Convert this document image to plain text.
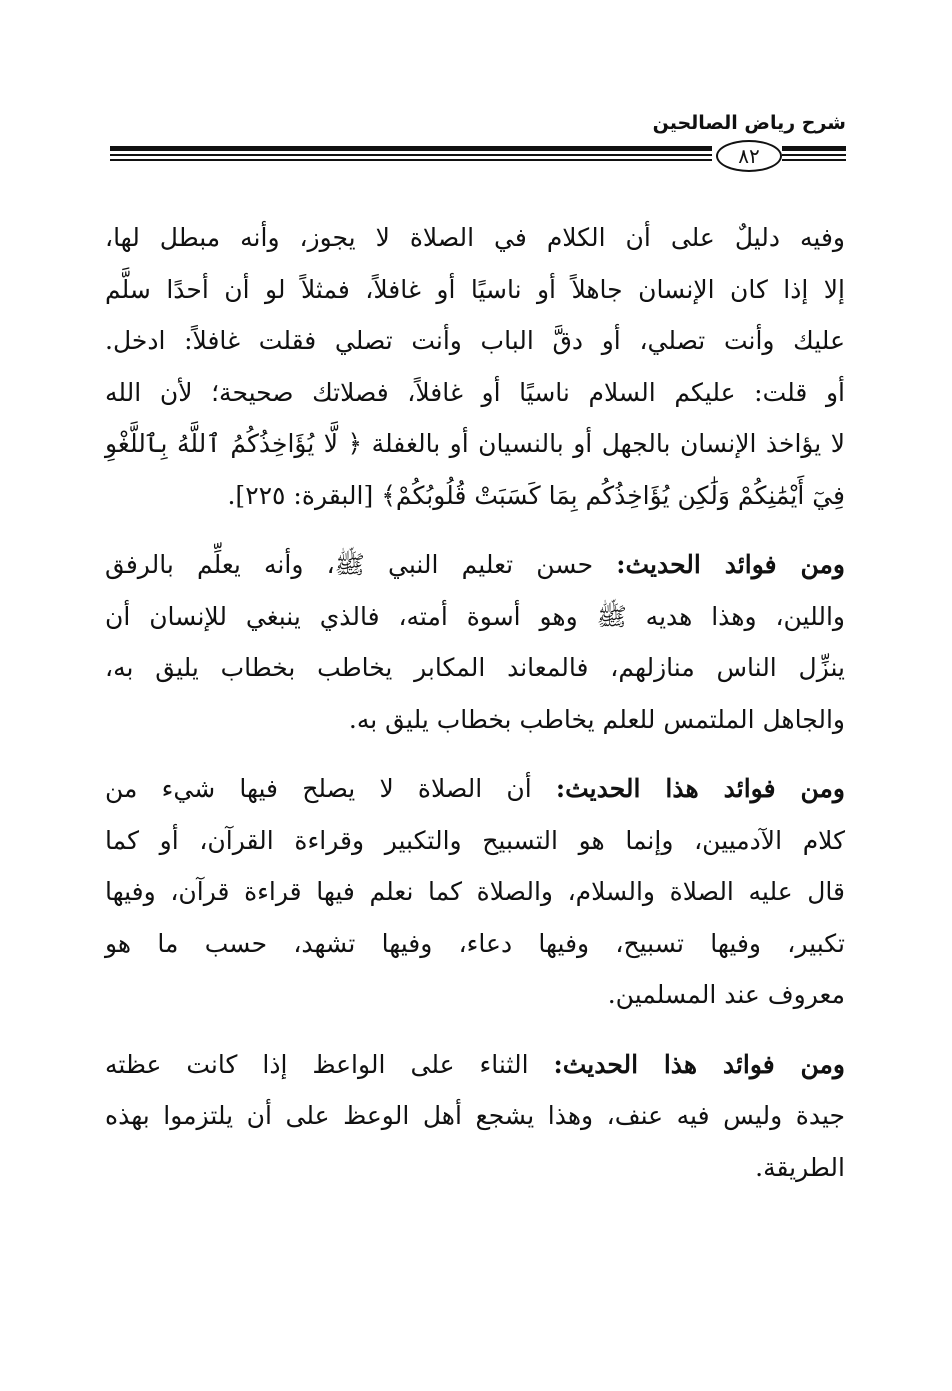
شرح رياض الصالحين
٨٢
وفيه دليلٌ على أن الكلام في الصلاة لا يجوز، وأنه مبطل لها،
إلا إذا كان الإنسان جاهلاً أو ناسيًا أو غافلاً، فمثلاً لو أن أحدًا سلَّم
عليك وأنت تصلي، أو دقَّ الباب وأنت تصلي فقلت غافلاً: ادخل.
أو قلت: عليكم السلام ناسيًا أو غافلاً، فصلاتك صحيحة؛ لأن الله
لا يؤاخذ الإنسان بالجهل أو بالنسيان أو بالغفلة ﴿ لَّا يُؤَاخِذُكُمُ ٱللَّهُ بِٱللَّغْوِ
فِيٓ أَيْمَٰنِكُمْ وَلَٰكِن يُؤَاخِذُكُم بِمَا كَسَبَتْ قُلُوبُكُمْ﴾ [البقرة: ٢٢٥].
ومن فوائد الحديث: حسن تعليم النبي ﷺ، وأنه يعلِّم بالرفق
واللين، وهذا هديه ﷺ وهو أسوة أمته، فالذي ينبغي للإنسان أن
ينزِّل الناس منازلهم، فالمعاند المكابر يخاطب بخطاب يليق به،
والجاهل الملتمس للعلم يخاطب بخطاب يليق به.
ومن فوائد هذا الحديث: أن الصلاة لا يصلح فيها شيء من
كلام الآدميين، وإنما هو التسبيح والتكبير وقراءة القرآن، أو كما
قال عليه الصلاة والسلام، والصلاة كما نعلم فيها قراءة قرآن، وفيها
تكبير، وفيها تسبيح، وفيها دعاء، وفيها تشهد، حسب ما هو
معروف عند المسلمين.
ومن فوائد هذا الحديث: الثناء على الواعظ إذا كانت عظته
جيدة وليس فيه عنف، وهذا يشجع أهل الوعظ على أن يلتزموا بهذه
الطريقة.
